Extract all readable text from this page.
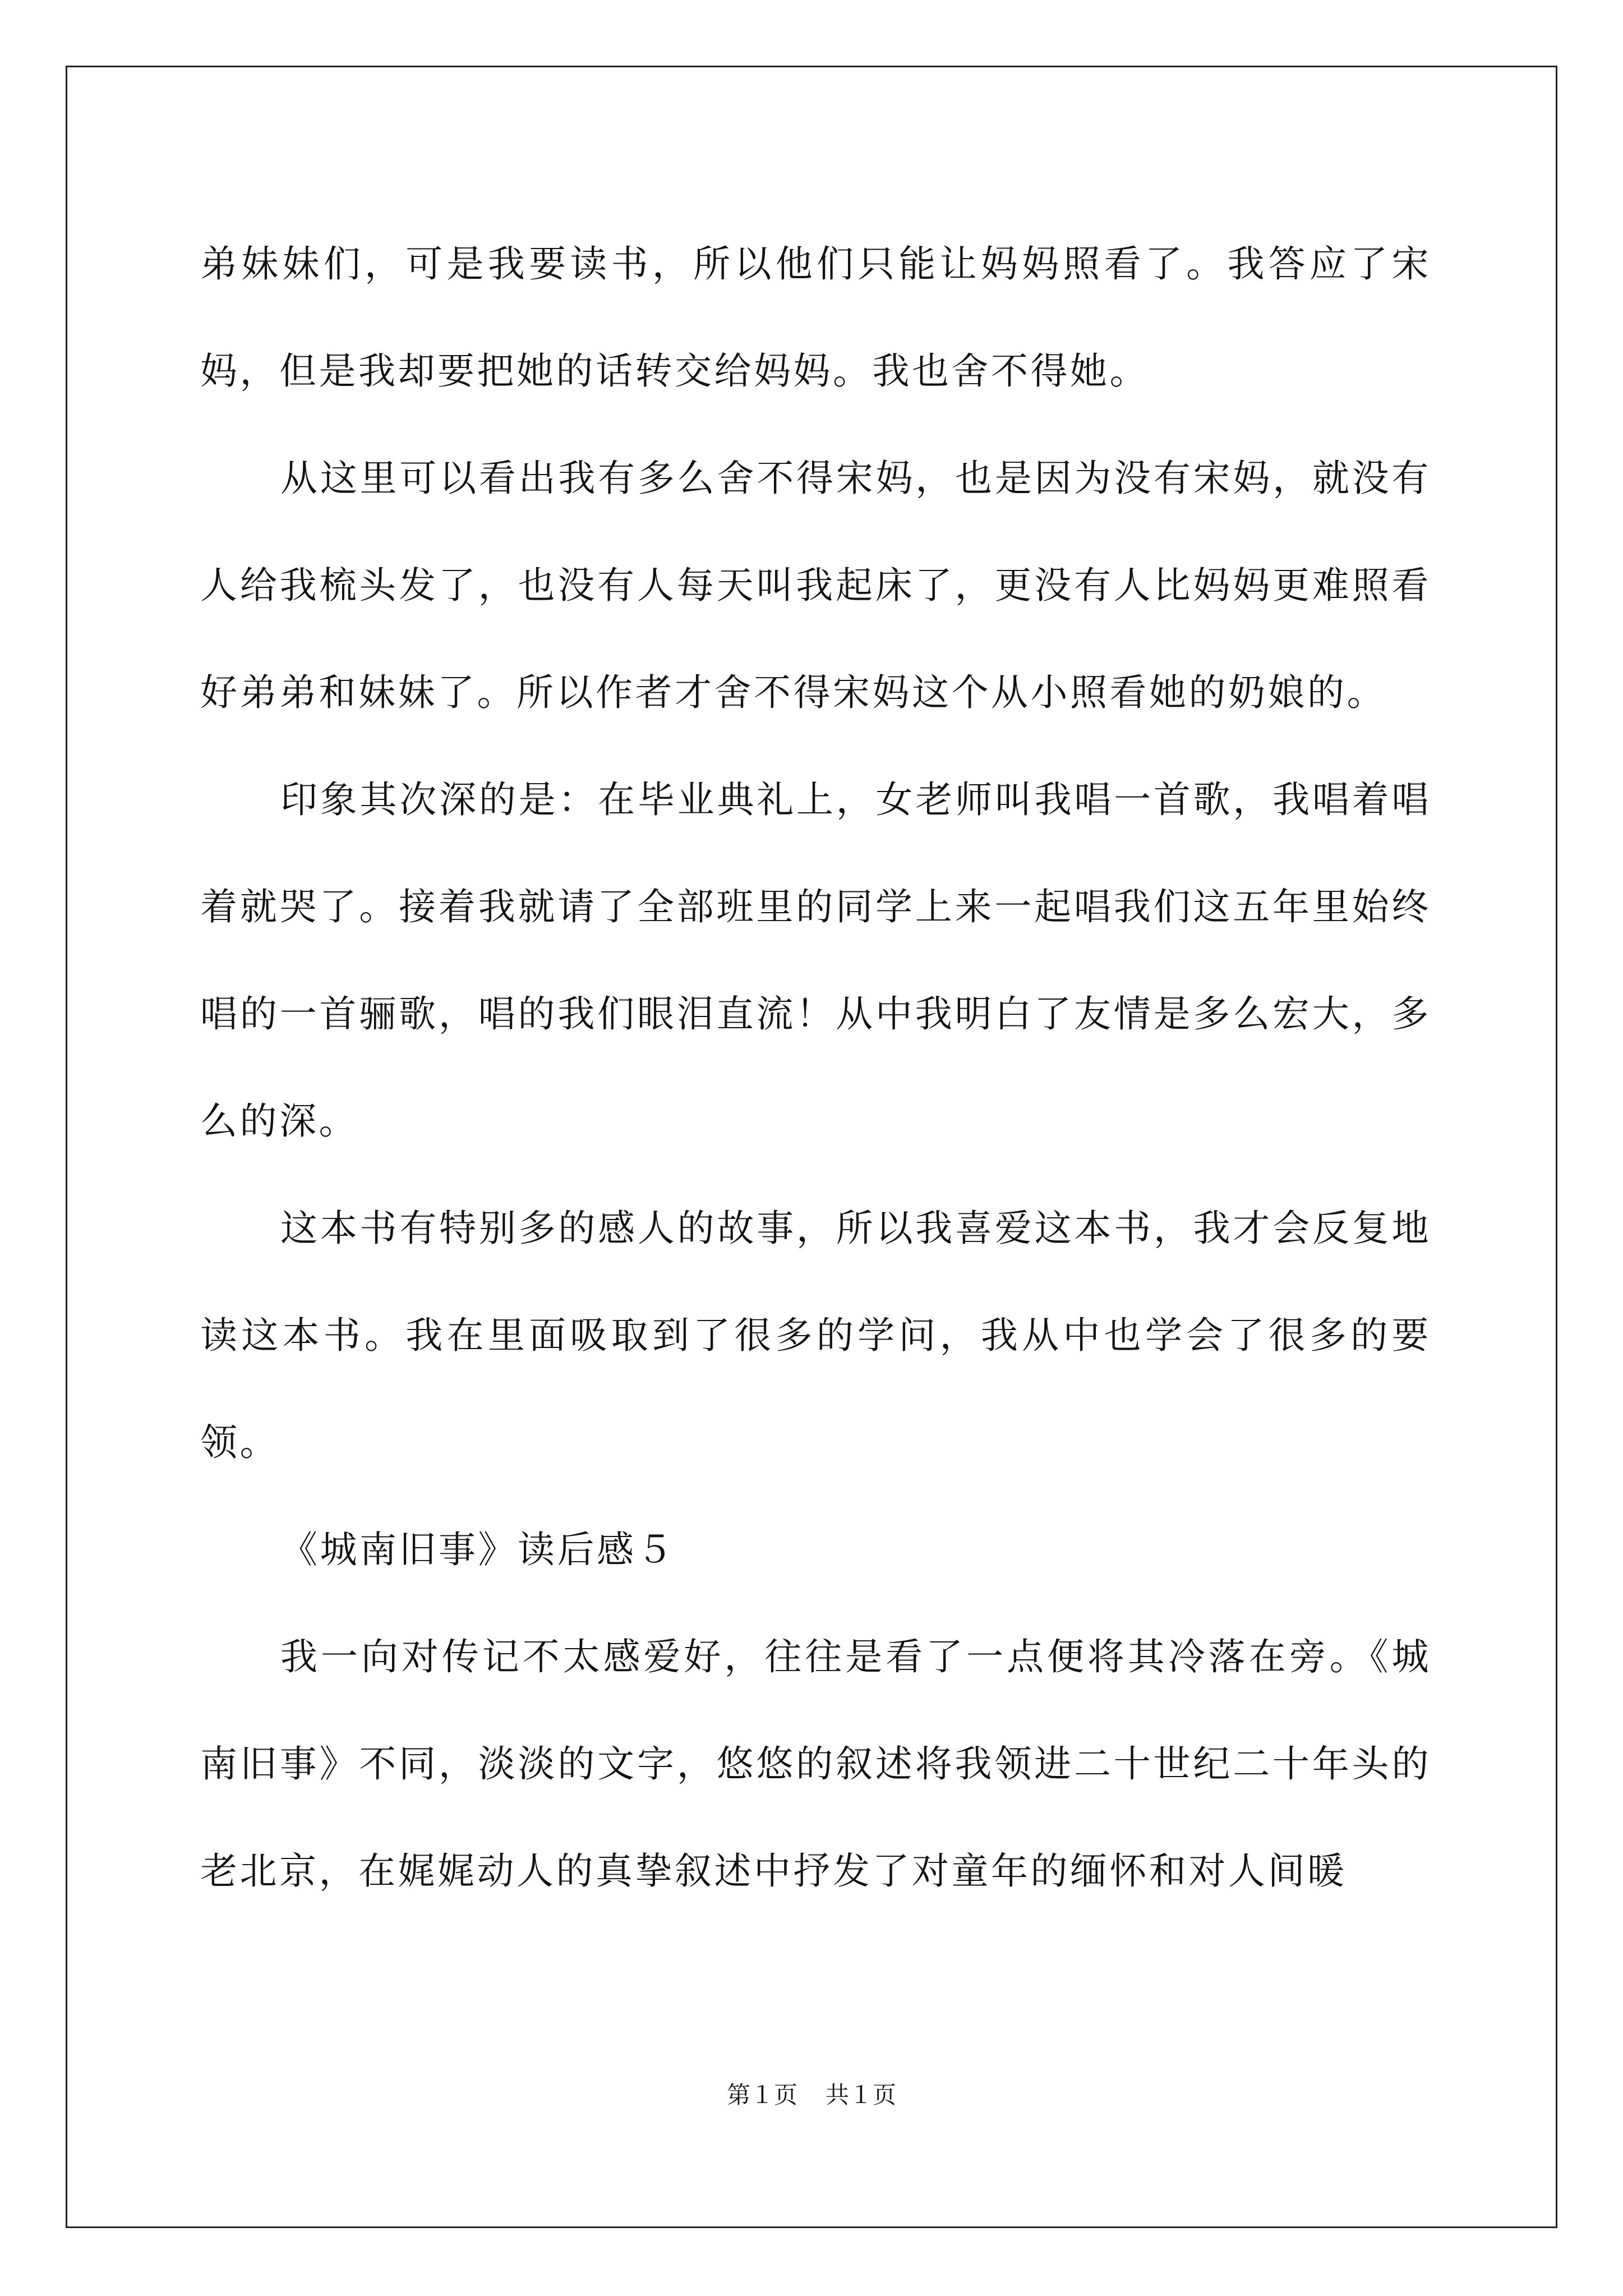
弟妹妹们，可是我要读书，所以他们只能让妈妈照看了。我答应了宋妈，但是我却要把她的话转交给妈妈。我也舍不得她。

从这里可以看出我有多么舍不得宋妈，也是因为没有宋妈，就没有人给我梳头发了，也没有人每天叫我起床了，更没有人比妈妈更难照看好弟弟和妹妹了。所以作者才舍不得宋妈这个从小照看她的奶娘的。

印象其次深的是：在毕业典礼上，女老师叫我唱一首歌，我唱着唱着就哭了。接着我就请了全部班里的同学上来一起唱我们这五年里始终唱的一首骊歌，唱的我们眼泪直流！从中我明白了友情是多么宏大，多么的深。

这本书有特别多的感人的故事，所以我喜爱这本书，我才会反复地读这本书。我在里面吸取到了很多的学问，我从中也学会了很多的要领。

《城南旧事》读后感５

我一向对传记不太感爱好，往往是看了一点便将其冷落在旁。《城南旧事》不同，淡淡的文字，悠悠的叙述将我领进二十世纪二十年头的老北京，在娓娓动人的真挚叙述中抒发了对童年的缅怀和对人间暖

第１页 共１页
